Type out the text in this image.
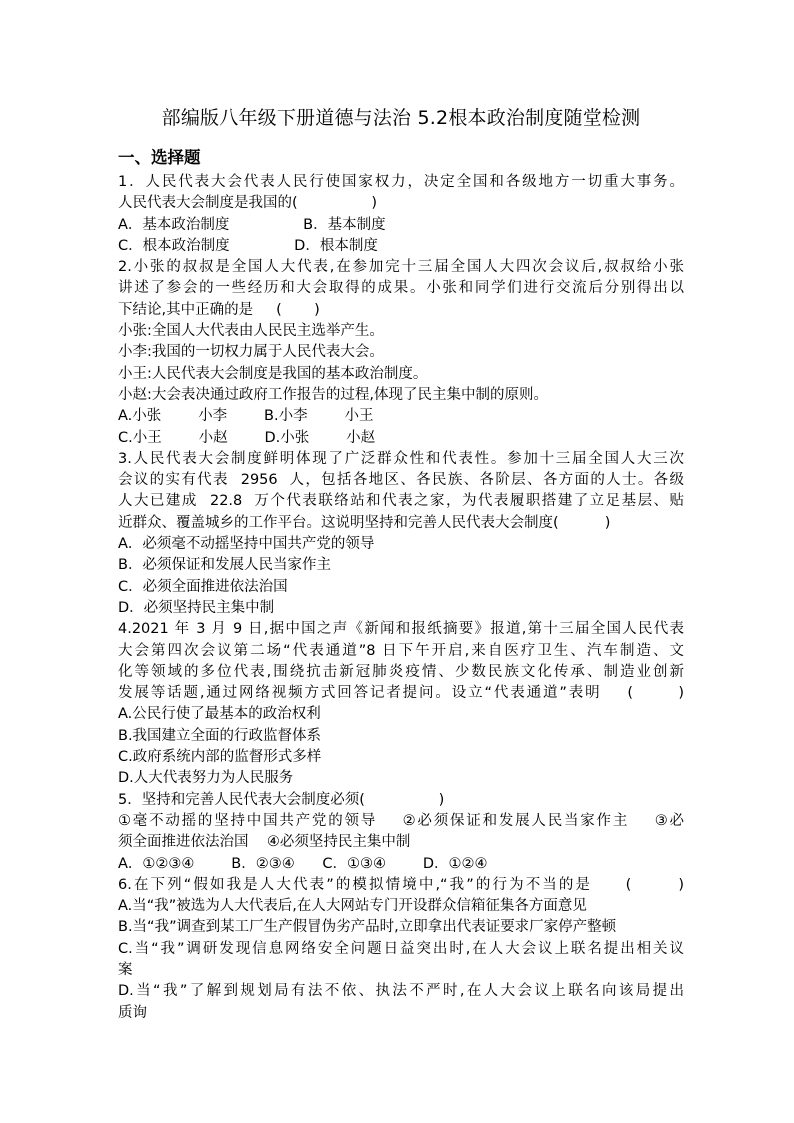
部编版八年级下册道德与法治 5.2根本政治制度随堂检测
一、选择题
1．人民代表大会代表人民行使国家权力，决定全国和各级地方一切重大事务。
人民代表大会制度是我国的(                )
A．基本政治制度                B．基本制度
C．根本政治制度              D．根本制度
2.小张的叔叔是全国人大代表,在参加完十三届全国人大四次会议后,叔叔给小张
讲述了参会的一些经历和大会取得的成果。小张和同学们进行交流后分别得出以
下结论,其中正确的是     (       )
小张:全国人大代表由人民民主选举产生。
小李:我国的一切权力属于人民代表大会。
小王:人民代表大会制度是我国的基本政治制度。
小赵:大会表决通过政府工作报告的过程,体现了民主集中制的原则。
A.小张        小李        B.小李        小王
C.小王        小赵        D.小张        小赵
3.人民代表大会制度鲜明体现了广泛群众性和代表性。参加十三届全国人大三次
会议的实有代表  2956  人，包括各地区、各民族、各阶层、各方面的人士。各级
人大已建成  22.8  万个代表联络站和代表之家，为代表履职搭建了立足基层、贴
近群众、覆盖城乡的工作平台。这说明坚持和完善人民代表大会制度(          )
A．必须毫不动摇坚持中国共产党的领导
B．必须保证和发展人民当家作主
C．必须全面推进依法治国
D．必须坚持民主集中制
4.2021 年 3 月 9 日,据中国之声《新闻和报纸摘要》报道,第十三届全国人民代表
大会第四次会议第二场“代表通道”8 日下午开启,来自医疗卫生、汽车制造、文
化等领域的多位代表,围绕抗击新冠肺炎疫情、少数民族文化传承、制造业创新
发展等话题,通过网络视频方式回答记者提问。设立“代表通道”表明    (       )
A.公民行使了最基本的政治权利
B.我国建立全面的行政监督体系
C.政府系统内部的监督形式多样
D.人大代表努力为人民服务
5．坚持和完善人民代表大会制度必须(                )
①毫不动摇的坚持中国共产党的领导    ②必须保证和发展人民当家作主    ③必
须全面推进依法治国    ④必须坚持民主集中制
A．①②③④        B．②③④      C．①③④        D．①②④
6.在下列“假如我是人大代表”的模拟情境中,“我”的行为不当的是     (       )
A.当“我”被选为人大代表后,在人大网站专门开设群众信箱征集各方面意见
B.当“我”调查到某工厂生产假冒伪劣产品时,立即拿出代表证要求厂家停产整顿
C.当“我”调研发现信息网络安全问题日益突出时,在人大会议上联名提出相关议
案
D.当“我”了解到规划局有法不依、执法不严时,在人大会议上联名向该局提出
质询
